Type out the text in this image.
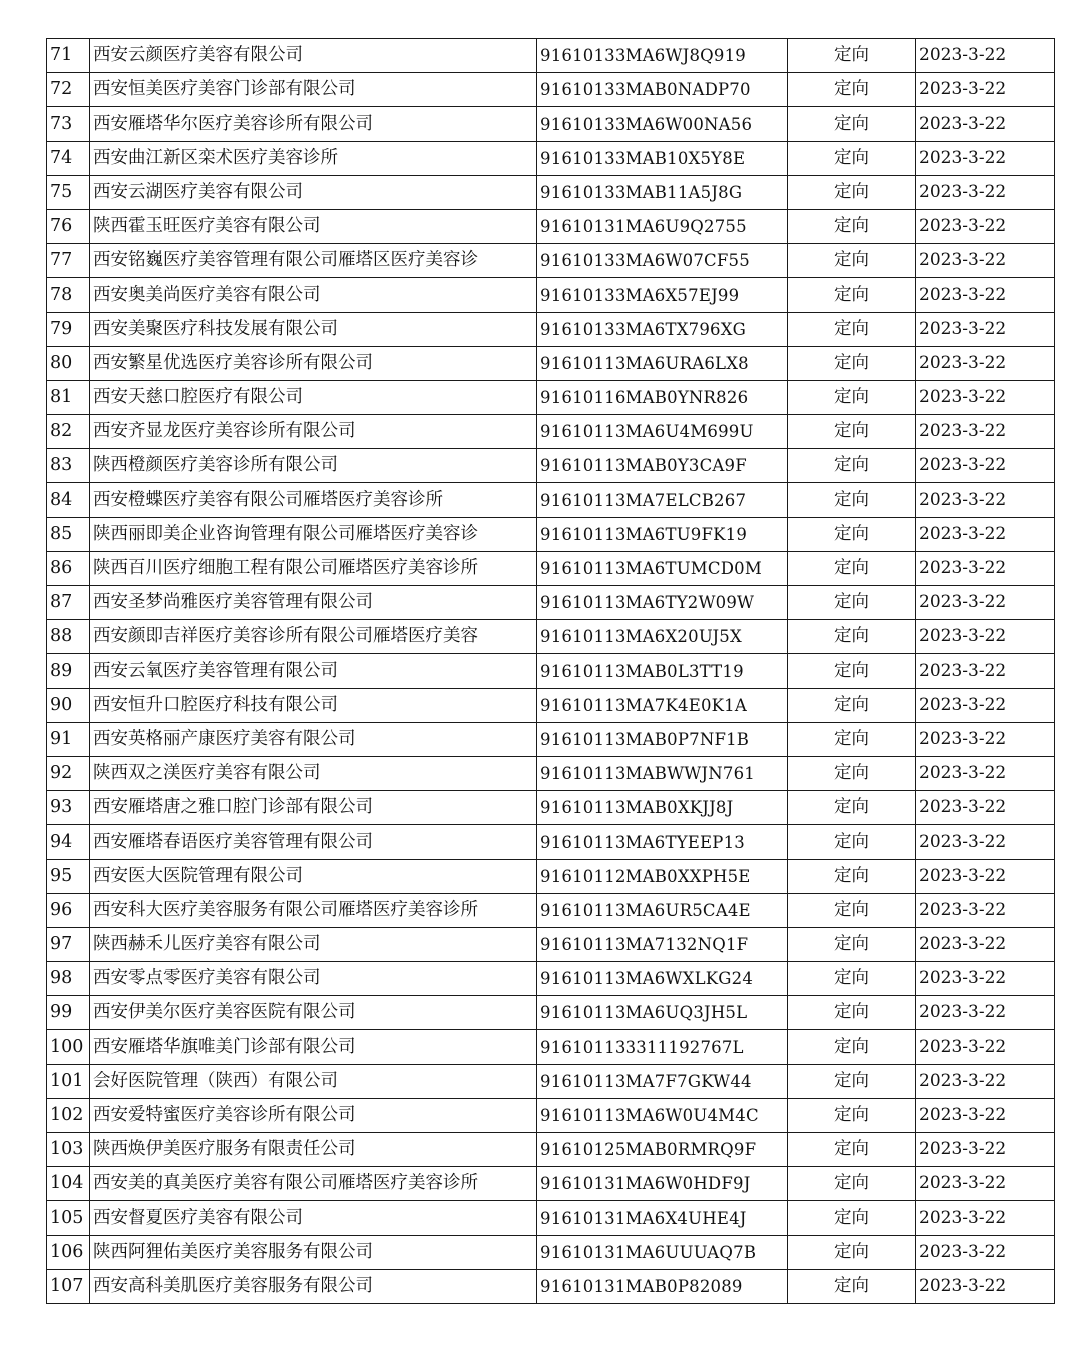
71	西安云颜医疗美容有限公司	91610133MA6WJ8Q919	定向	2023-3-22
72	西安恒美医疗美容门诊部有限公司	91610133MAB0NADP70	定向	2023-3-22
73	西安雁塔华尔医疗美容诊所有限公司	91610133MA6W00NA56	定向	2023-3-22
74	西安曲江新区栾术医疗美容诊所	91610133MAB10X5Y8E	定向	2023-3-22
75	西安云湖医疗美容有限公司	91610133MAB11A5J8G	定向	2023-3-22
76	陕西霍玉旺医疗美容有限公司	91610131MA6U9Q2755	定向	2023-3-22
77	西安铭巍医疗美容管理有限公司雁塔区医疗美容诊	91610133MA6W07CF55	定向	2023-3-22
78	西安奥美尚医疗美容有限公司	91610133MA6X57EJ99	定向	2023-3-22
79	西安美聚医疗科技发展有限公司	91610133MA6TX796XG	定向	2023-3-22
80	西安繁星优选医疗美容诊所有限公司	91610113MA6URA6LX8	定向	2023-3-22
81	西安天慈口腔医疗有限公司	91610116MAB0YNR826	定向	2023-3-22
82	西安齐显龙医疗美容诊所有限公司	91610113MA6U4M699U	定向	2023-3-22
83	陕西橙颜医疗美容诊所有限公司	91610113MAB0Y3CA9F	定向	2023-3-22
84	西安橙蝶医疗美容有限公司雁塔医疗美容诊所	91610113MA7ELCB267	定向	2023-3-22
85	陕西丽即美企业咨询管理有限公司雁塔医疗美容诊	91610113MA6TU9FK19	定向	2023-3-22
86	陕西百川医疗细胞工程有限公司雁塔医疗美容诊所	91610113MA6TUMCD0M	定向	2023-3-22
87	西安圣梦尚雅医疗美容管理有限公司	91610113MA6TY2W09W	定向	2023-3-22
88	西安颜即吉祥医疗美容诊所有限公司雁塔医疗美容	91610113MA6X20UJ5X	定向	2023-3-22
89	西安云氧医疗美容管理有限公司	91610113MAB0L3TT19	定向	2023-3-22
90	西安恒升口腔医疗科技有限公司	91610113MA7K4E0K1A	定向	2023-3-22
91	西安英格丽产康医疗美容有限公司	91610113MAB0P7NF1B	定向	2023-3-22
92	陕西双之渼医疗美容有限公司	91610113MABWWJN761	定向	2023-3-22
93	西安雁塔唐之雅口腔门诊部有限公司	91610113MAB0XKJJ8J	定向	2023-3-22
94	西安雁塔春语医疗美容管理有限公司	91610113MA6TYEEP13	定向	2023-3-22
95	西安医大医院管理有限公司	91610112MAB0XXPH5E	定向	2023-3-22
96	西安科大医疗美容服务有限公司雁塔医疗美容诊所	91610113MA6UR5CA4E	定向	2023-3-22
97	陕西赫禾儿医疗美容有限公司	91610113MA7132NQ1F	定向	2023-3-22
98	西安零点零医疗美容有限公司	91610113MA6WXLKG24	定向	2023-3-22
99	西安伊美尔医疗美容医院有限公司	91610113MA6UQ3JH5L	定向	2023-3-22
100	西安雁塔华旗唯美门诊部有限公司	916101133311192767L	定向	2023-3-22
101	会好医院管理（陕西）有限公司	91610113MA7F7GKW44	定向	2023-3-22
102	西安爱特蜜医疗美容诊所有限公司	91610113MA6W0U4M4C	定向	2023-3-22
103	陕西焕伊美医疗服务有限责任公司	91610125MAB0RMRQ9F	定向	2023-3-22
104	西安美的真美医疗美容有限公司雁塔医疗美容诊所	91610131MA6W0HDF9J	定向	2023-3-22
105	西安督夏医疗美容有限公司	91610131MA6X4UHE4J	定向	2023-3-22
106	陕西阿狸佑美医疗美容服务有限公司	91610131MA6UUUAQ7B	定向	2023-3-22
107	西安高科美肌医疗美容服务有限公司	91610131MAB0P82089	定向	2023-3-22
